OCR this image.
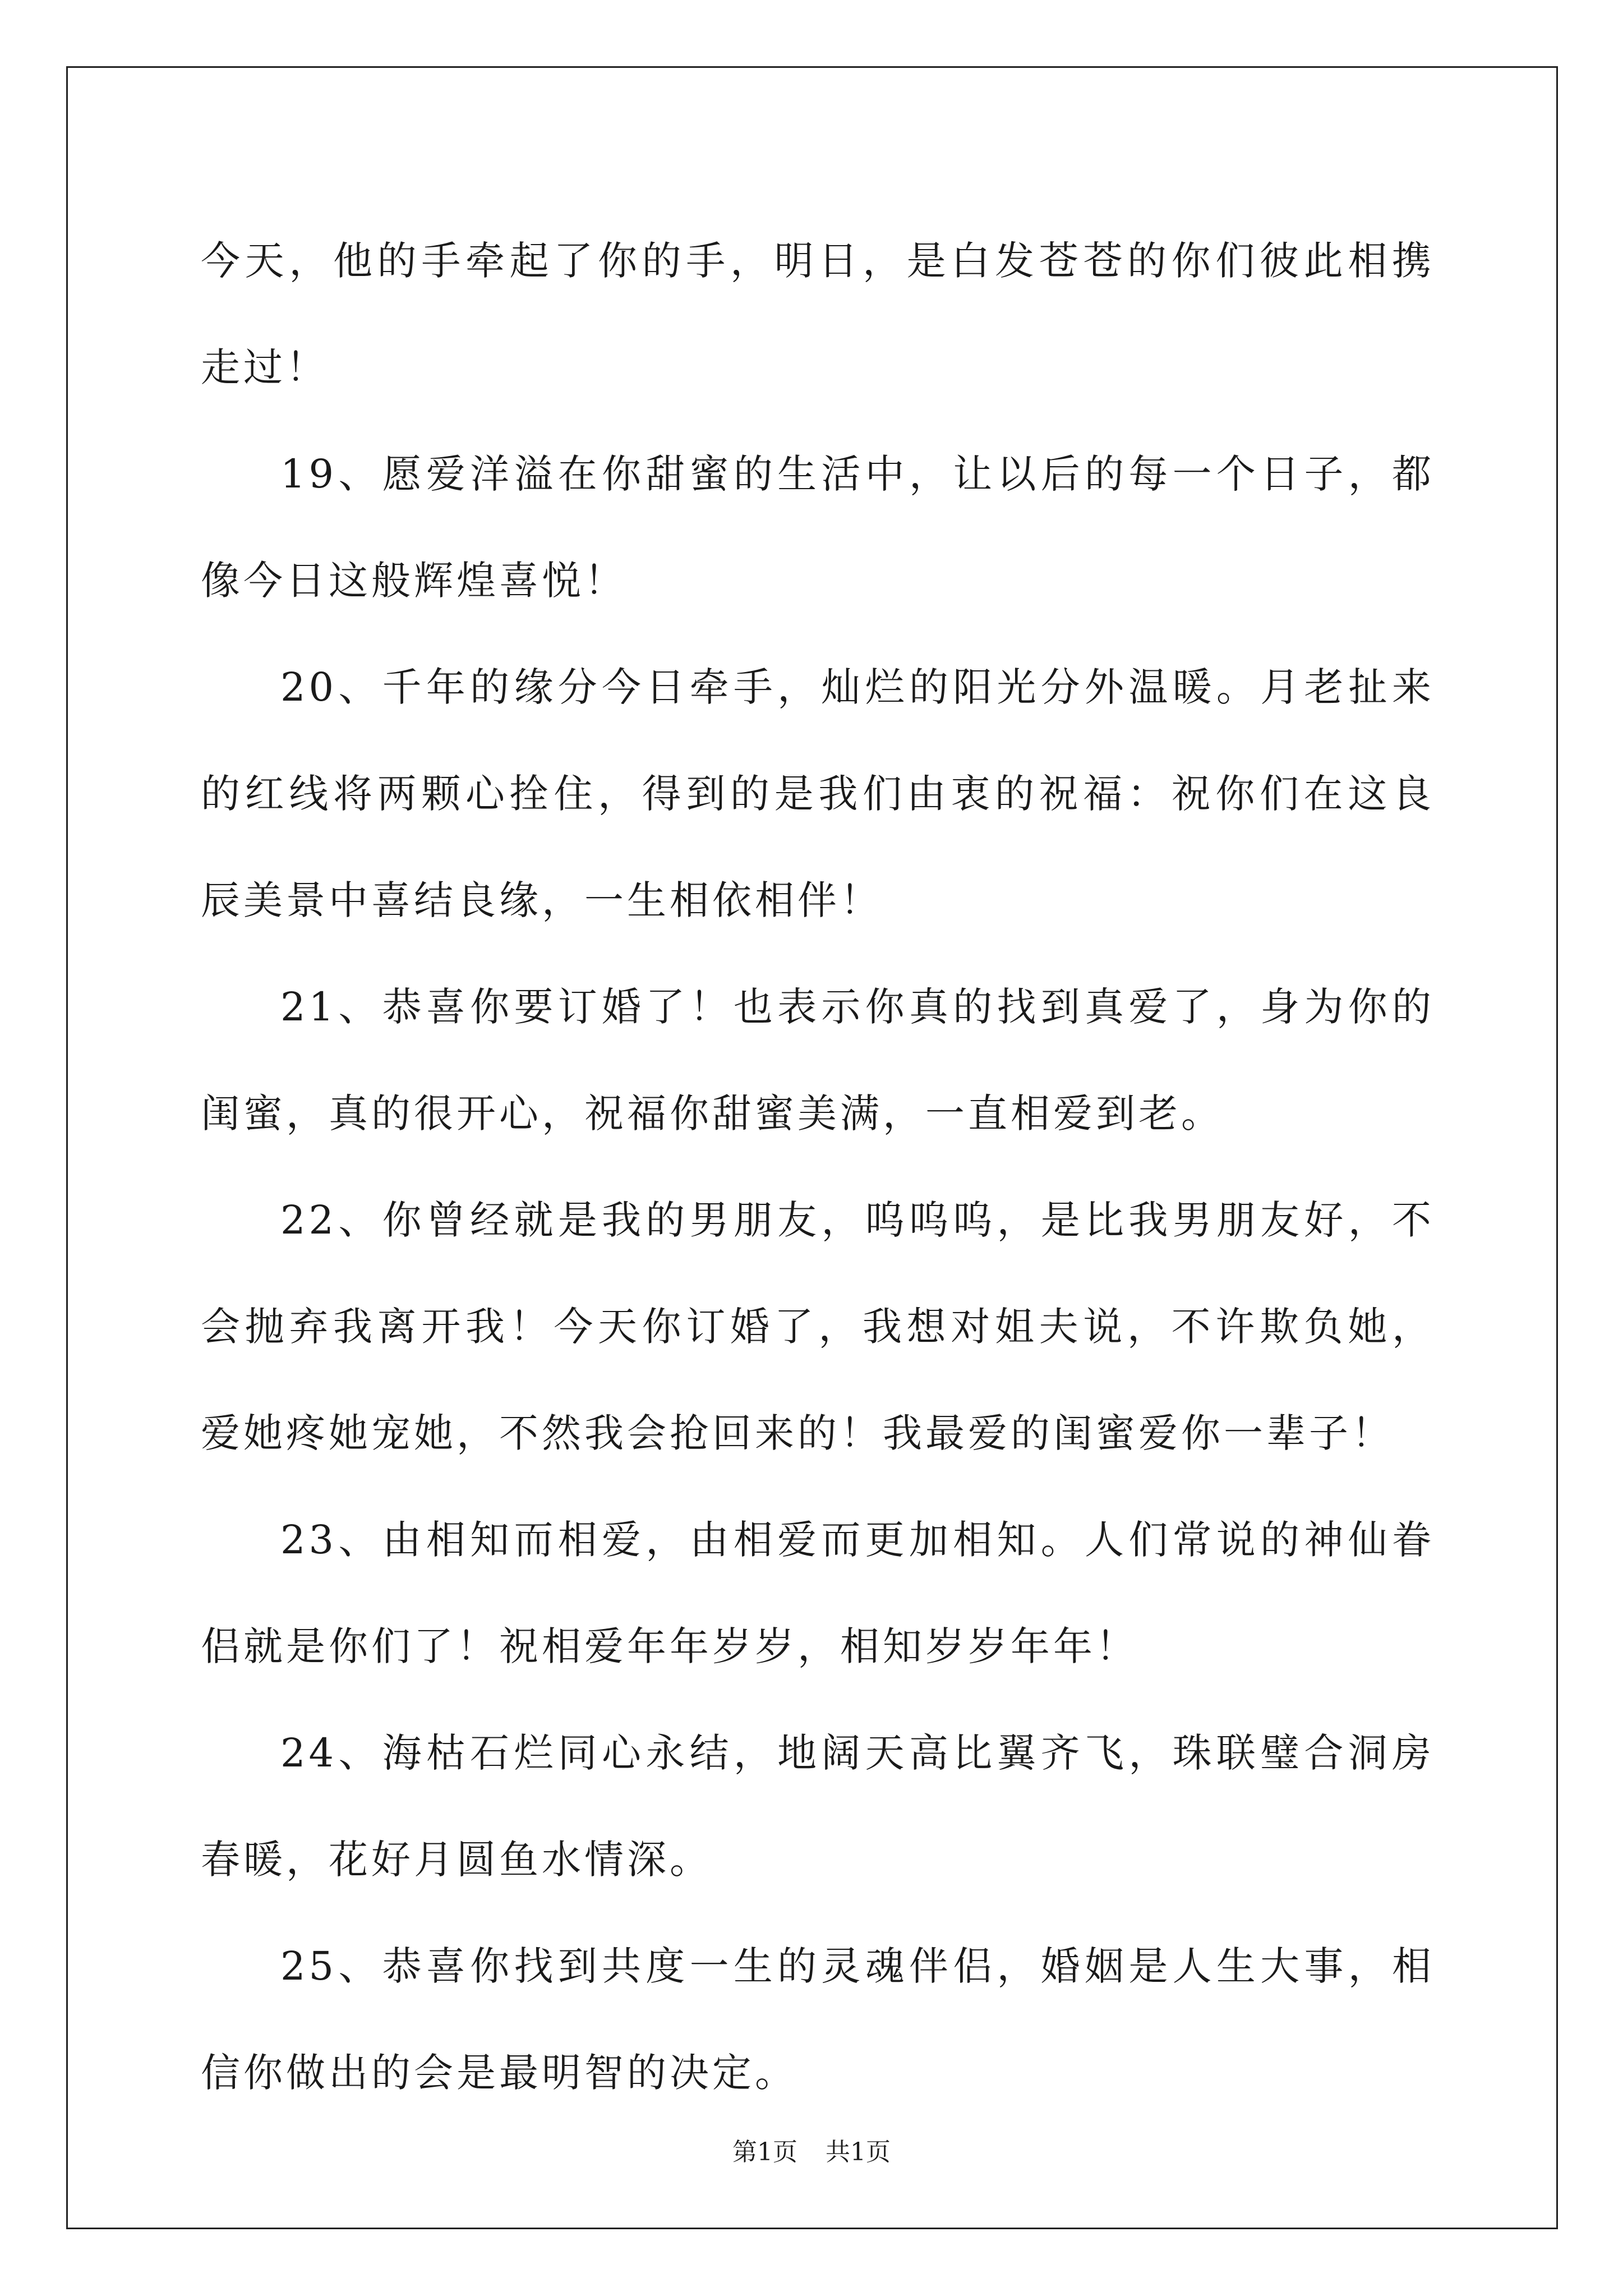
今天，他的手牵起了你的手，明日，是白发苍苍的你们彼此相携走过！

19、愿爱洋溢在你甜蜜的生活中，让以后的每一个日子，都像今日这般辉煌喜悦！

20、千年的缘分今日牵手，灿烂的阳光分外温暖。月老扯来的红线将两颗心拴住，得到的是我们由衷的祝福：祝你们在这良辰美景中喜结良缘，一生相依相伴！

21、恭喜你要订婚了！也表示你真的找到真爱了，身为你的闺蜜，真的很开心，祝福你甜蜜美满，一直相爱到老。

22、你曾经就是我的男朋友，呜呜呜，是比我男朋友好，不会抛弃我离开我！今天你订婚了，我想对姐夫说，不许欺负她，爱她疼她宠她，不然我会抢回来的！我最爱的闺蜜爱你一辈子！

23、由相知而相爱，由相爱而更加相知。人们常说的神仙眷侣就是你们了！祝相爱年年岁岁，相知岁岁年年！

24、海枯石烂同心永结，地阔天高比翼齐飞，珠联璧合洞房春暖，花好月圆鱼水情深。

25、恭喜你找到共度一生的灵魂伴侣，婚姻是人生大事，相信你做出的会是最明智的决定。

第1页 共1页
